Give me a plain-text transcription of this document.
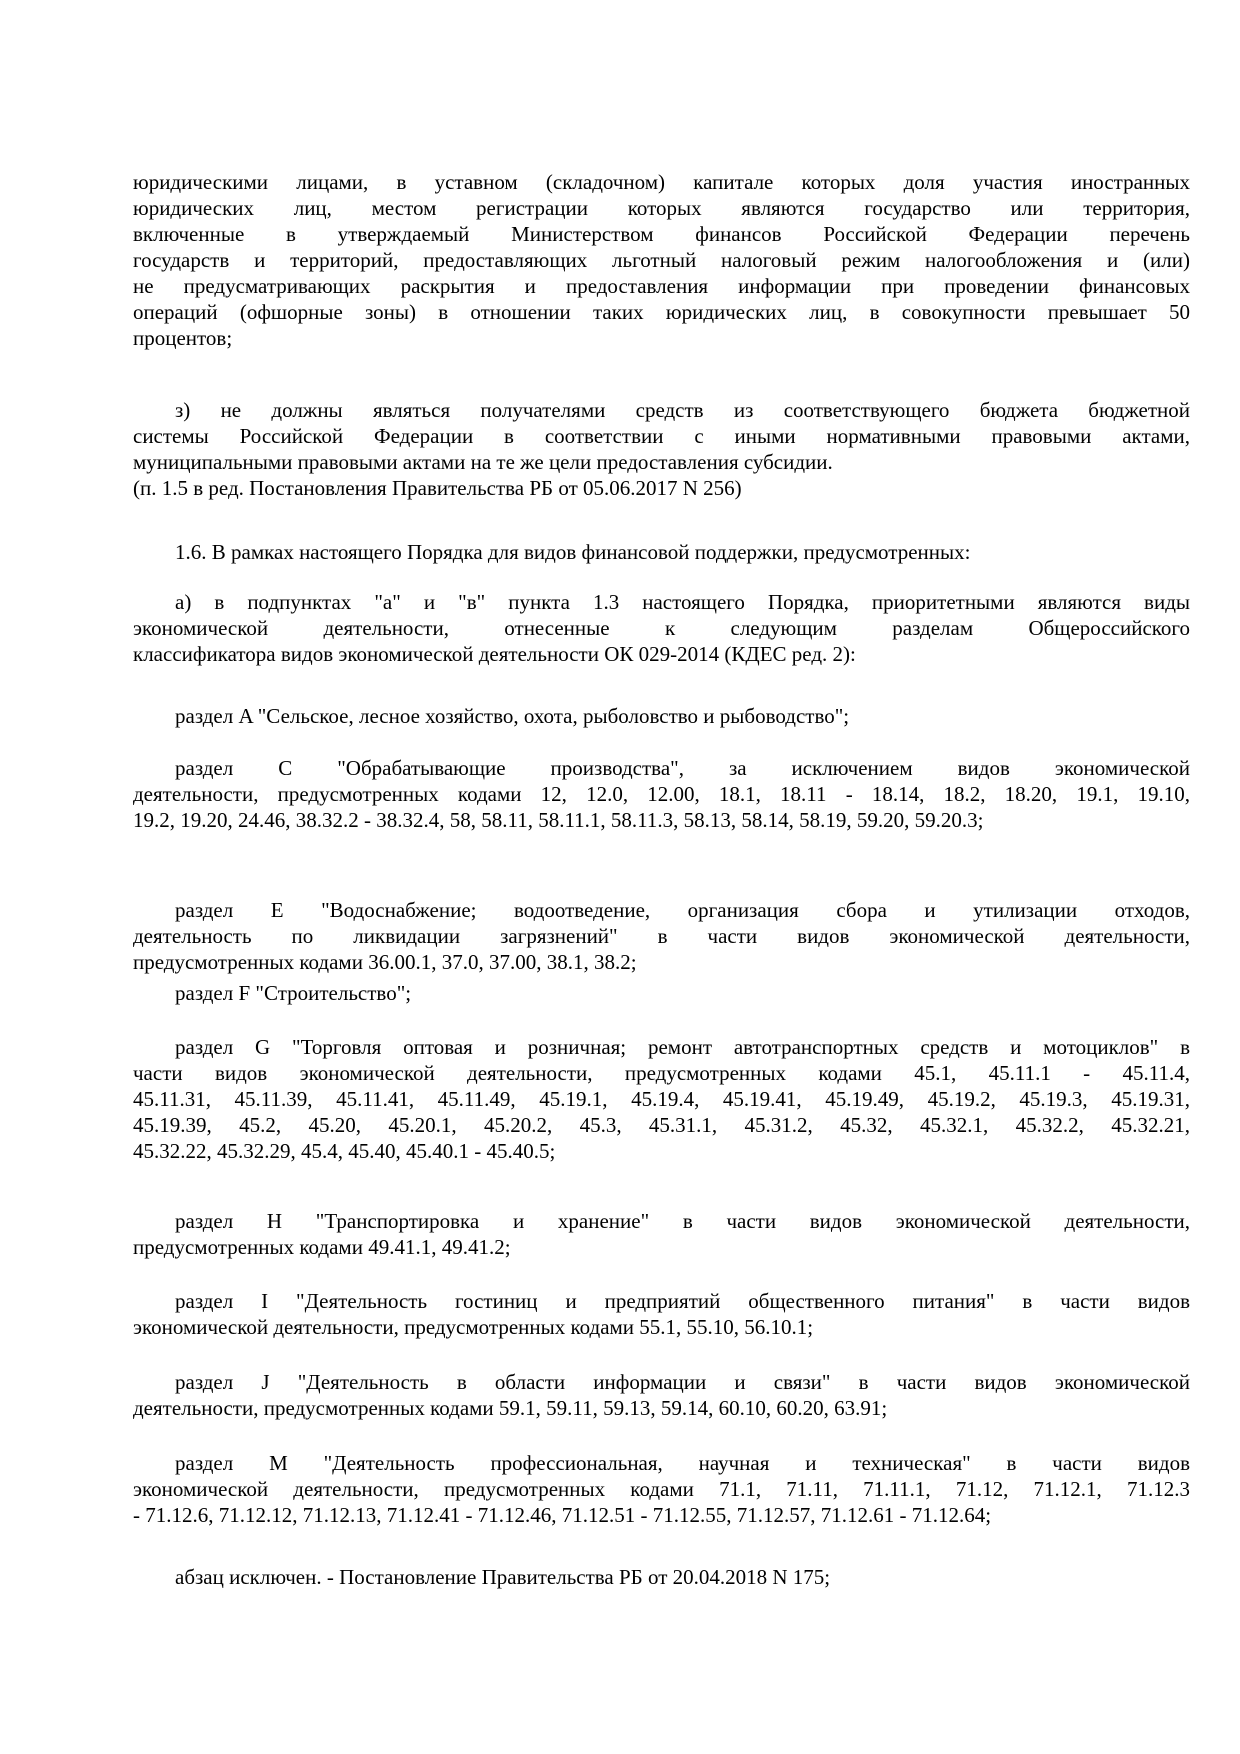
юридическими лицами, в уставном (складочном) капитале которых доля участия иностранных
юридических лиц, местом регистрации которых являются государство или территория,
включенные в утверждаемый Министерством финансов Российской Федерации перечень
государств и территорий, предоставляющих льготный налоговый режим налогообложения и (или)
не предусматривающих раскрытия и предоставления информации при проведении финансовых
операций (офшорные зоны) в отношении таких юридических лиц, в совокупности превышает 50
процентов;
з) не должны являться получателями средств из соответствующего бюджета бюджетной
системы Российской Федерации в соответствии с иными нормативными правовыми актами,
муниципальными правовыми актами на те же цели предоставления субсидии.
(п. 1.5 в ред. Постановления Правительства РБ от 05.06.2017 N 256)
1.6. В рамках настоящего Порядка для видов финансовой поддержки, предусмотренных:
а) в подпунктах "а" и "в" пункта 1.3 настоящего Порядка, приоритетными являются виды
экономической деятельности, отнесенные к следующим разделам Общероссийского
классификатора видов экономической деятельности ОК 029-2014 (КДЕС ред. 2):
раздел A "Сельское, лесное хозяйство, охота, рыболовство и рыбоводство";
раздел C "Обрабатывающие производства", за исключением видов экономической
деятельности, предусмотренных кодами 12, 12.0, 12.00, 18.1, 18.11 - 18.14, 18.2, 18.20, 19.1, 19.10,
19.2, 19.20, 24.46, 38.32.2 - 38.32.4, 58, 58.11, 58.11.1, 58.11.3, 58.13, 58.14, 58.19, 59.20, 59.20.3;
раздел E "Водоснабжение; водоотведение, организация сбора и утилизации отходов,
деятельность по ликвидации загрязнений" в части видов экономической деятельности,
предусмотренных кодами 36.00.1, 37.0, 37.00, 38.1, 38.2;
раздел F "Строительство";
раздел G "Торговля оптовая и розничная; ремонт автотранспортных средств и мотоциклов" в
части видов экономической деятельности, предусмотренных кодами 45.1, 45.11.1 - 45.11.4,
45.11.31, 45.11.39, 45.11.41, 45.11.49, 45.19.1, 45.19.4, 45.19.41, 45.19.49, 45.19.2, 45.19.3, 45.19.31,
45.19.39, 45.2, 45.20, 45.20.1, 45.20.2, 45.3, 45.31.1, 45.31.2, 45.32, 45.32.1, 45.32.2, 45.32.21,
45.32.22, 45.32.29, 45.4, 45.40, 45.40.1 - 45.40.5;
раздел H "Транспортировка и хранение" в части видов экономической деятельности,
предусмотренных кодами 49.41.1, 49.41.2;
раздел I "Деятельность гостиниц и предприятий общественного питания" в части видов
экономической деятельности, предусмотренных кодами 55.1, 55.10, 56.10.1;
раздел J "Деятельность в области информации и связи" в части видов экономической
деятельности, предусмотренных кодами 59.1, 59.11, 59.13, 59.14, 60.10, 60.20, 63.91;
раздел M "Деятельность профессиональная, научная и техническая" в части видов
экономической деятельности, предусмотренных кодами 71.1, 71.11, 71.11.1, 71.12, 71.12.1, 71.12.3
- 71.12.6, 71.12.12, 71.12.13, 71.12.41 - 71.12.46, 71.12.51 - 71.12.55, 71.12.57, 71.12.61 - 71.12.64;
абзац исключен. - Постановление Правительства РБ от 20.04.2018 N 175;
